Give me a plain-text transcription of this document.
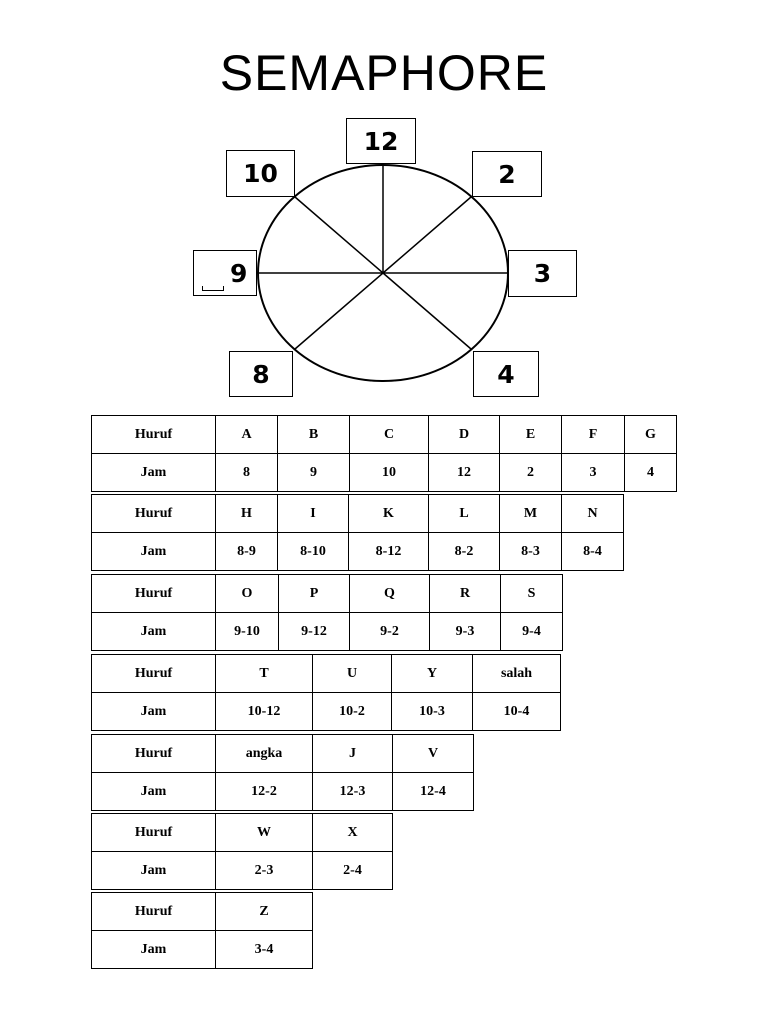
SEMAPHORE
12
10	2
9	3
8	4
Huruf	A	B	C	D	E	F	G
Jam	8	9	10	12	2	3	4
Huruf	H	I	K	L	M	N
Jam	8-9	8-10	8-12	8-2	8-3	8-4
Huruf	O	P	Q	R	S
Jam	9-10	9-12	9-2	9-3	9-4
Huruf	T	U	Y	salah
Jam	10-12	10-2	10-3	10-4
Huruf	angka	J	V
Jam	12-2	12-3	12-4
Huruf	W	X
Jam	2-3	2-4
Huruf	Z
Jam	3-4
